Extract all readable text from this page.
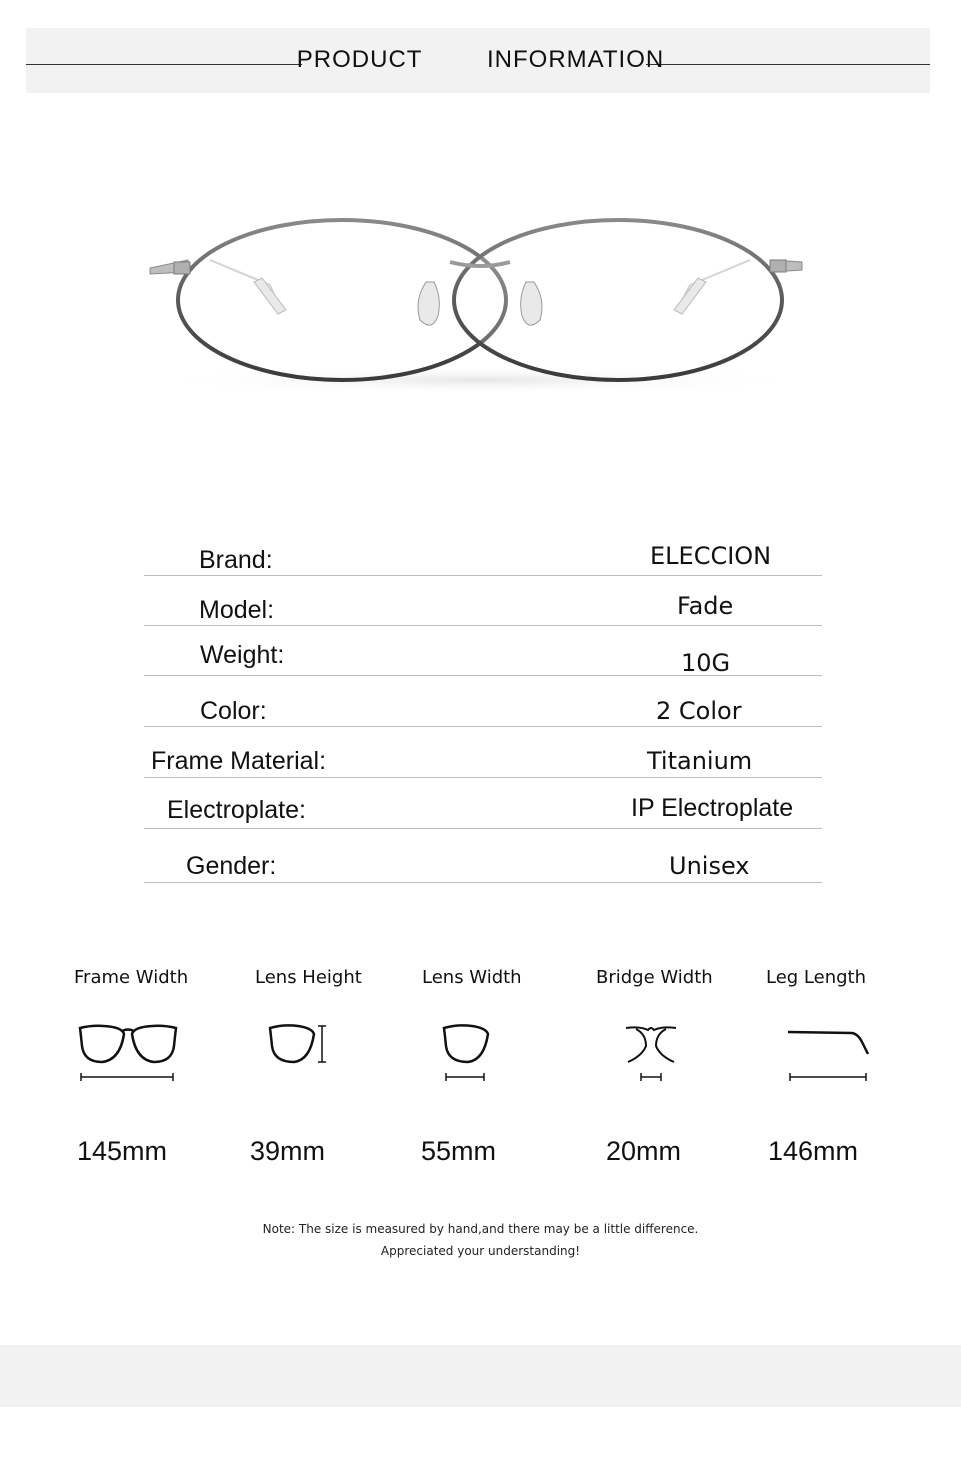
PRODUCT   INFORMATION
Brand:	ELECCION
Model:	Fade
Weight:	10G
Color:	2 Color
Frame Material:	Titanium
Electroplate:	IP Electroplate
Gender:	Unisex
Frame Width	Lens Height	Lens Width	Bridge Width	Leg Length
145mm	39mm	55mm	20mm	146mm
Note: The size is measured by hand,and there may be a little difference.
Appreciated your understanding!
